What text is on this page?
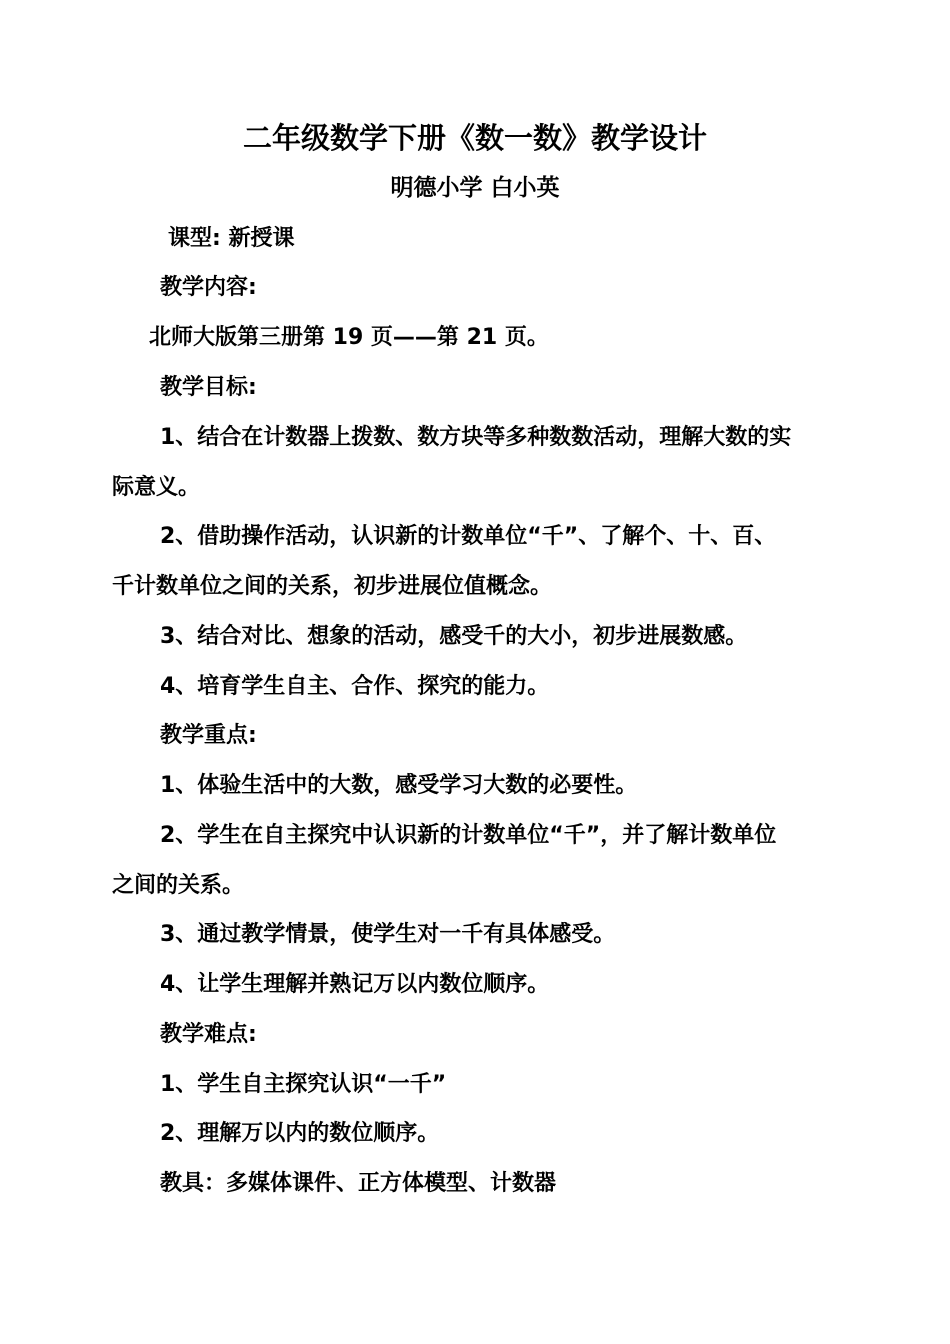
二年级数学下册《数一数》教学设计
明德小学 白小英
课型: 新授课
教学内容:
北师大版第三册第 19 页——第 21 页。
教学目标:
1、结合在计数器上拨数、数方块等多种数数活动，理解大数的实
际意义。
2、借助操作活动，认识新的计数单位“千”、了解个、十、百、
千计数单位之间的关系，初步进展位值概念。
3、结合对比、想象的活动，感受千的大小，初步进展数感。
4、培育学生自主、合作、探究的能力。
教学重点:
1、体验生活中的大数，感受学习大数的必要性。
2、学生在自主探究中认识新的计数单位“千”，并了解计数单位
之间的关系。
3、通过教学情景，使学生对一千有具体感受。
4、让学生理解并熟记万以内数位顺序。
教学难点:
1、学生自主探究认识“一千”
2、理解万以内的数位顺序。
教具：多媒体课件、正方体模型、计数器
